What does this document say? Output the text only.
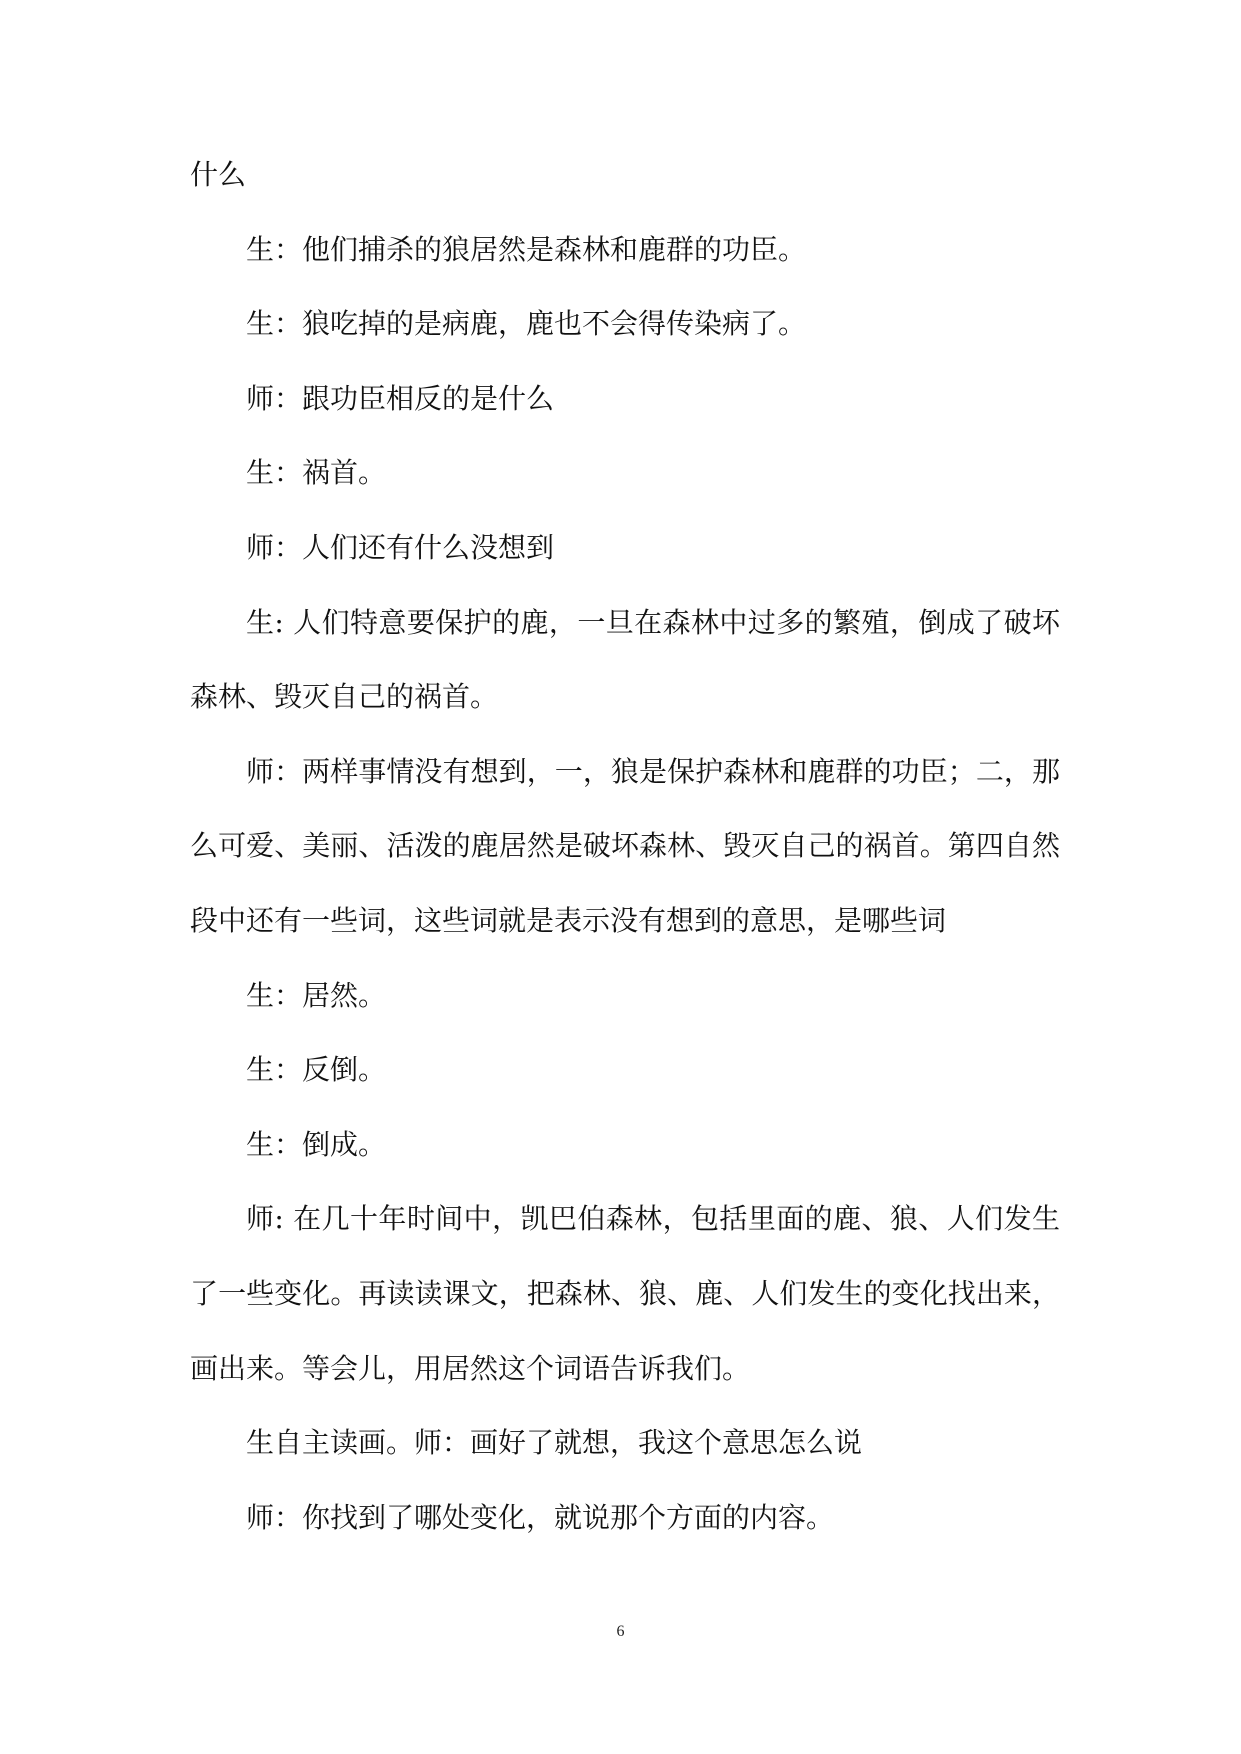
什么

生：他们捕杀的狼居然是森林和鹿群的功臣。

生：狼吃掉的是病鹿，鹿也不会得传染病了。

师：跟功臣相反的是什么

生：祸首。

师：人们还有什么没想到

生: 人们特意要保护的鹿，一旦在森林中过多的繁殖，倒成了破坏森林、毁灭自己的祸首。

师：两样事情没有想到，一，狼是保护森林和鹿群的功臣；二，那么可爱、美丽、活泼的鹿居然是破坏森林、毁灭自己的祸首。第四自然段中还有一些词，这些词就是表示没有想到的意思，是哪些词

生：居然。

生：反倒。

生：倒成。

师: 在几十年时间中，凯巴伯森林，包括里面的鹿、狼、人们发生了一些变化。再读读课文，把森林、狼、鹿、人们发生的变化找出来，画出来。等会儿，用居然这个词语告诉我们。

生自主读画。师：画好了就想，我这个意思怎么说

师：你找到了哪处变化，就说那个方面的内容。

6
